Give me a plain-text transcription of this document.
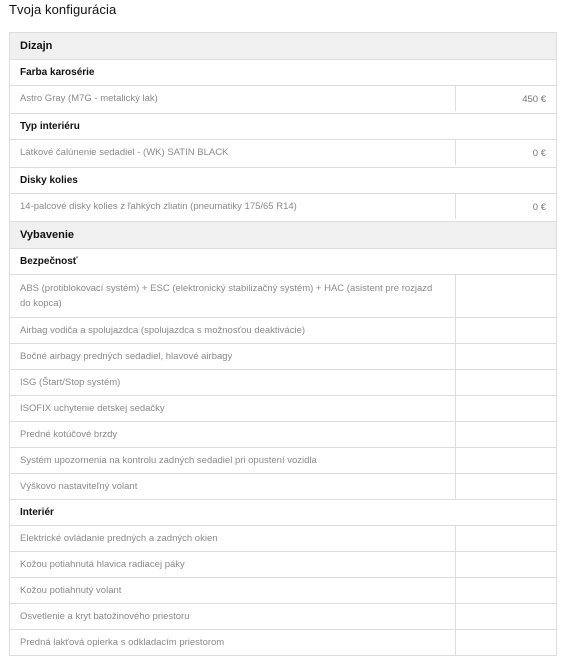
Tvoja konfigurácia
Dizajn
Farba karosérie
Astro Gray (M7G - metalický lak)	450 €
Typ interiéru
Látkové čalúnenie sedadiel - (WK) SATIN BLACK	0 €
Disky kolies
14-palcové disky kolies z ľahkých zliatin (pneumatiky 175/65 R14)	0 €
Vybavenie
Bezpečnosť
ABS (protiblokovací systém) + ESC (elektronický stabilizačný systém) + HAC (asistent pre rozjazd do kopca)
Airbag vodiča a spolujazdca (spolujazdca s možnosťou deaktivácie)
Bočné airbagy predných sedadiel, hlavové airbagy
ISG (Štart/Stop systém)
ISOFIX uchytenie detskej sedačky
Predné kotúčové brzdy
Systém upozornenia na kontrolu zadných sedadiel pri opustení vozidla
Výškovo nastaviteľný volant
Interiér
Elektrické ovládanie predných a zadných okien
Kožou potiahnutá hlavica radiacej páky
Kožou potiahnutý volant
Osvetlenie a kryt batožinového priestoru
Predná lakťová opierka s odkladacím priestorom
